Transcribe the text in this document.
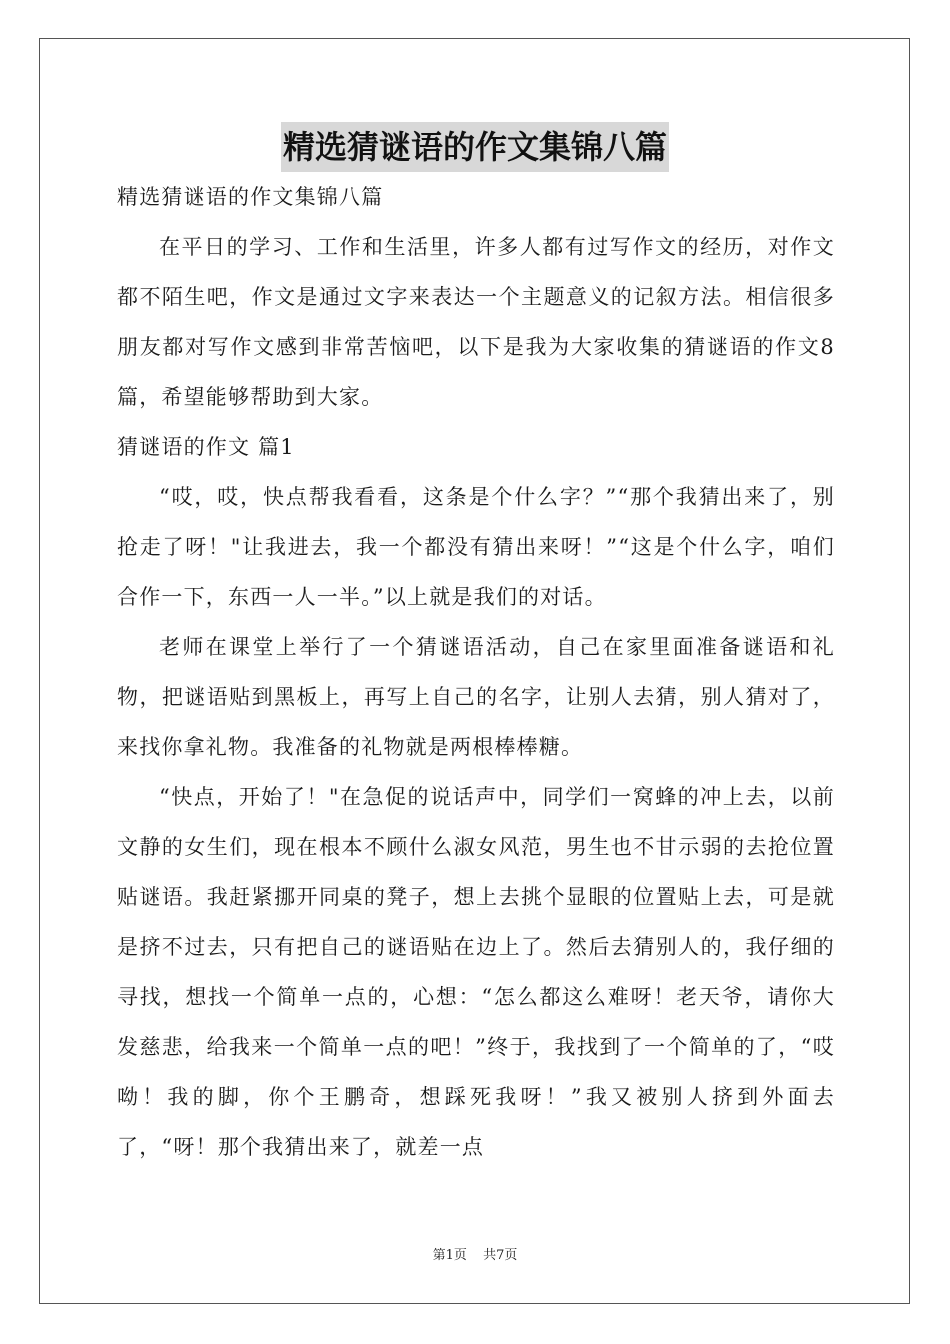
精选猜谜语的作文集锦八篇

精选猜谜语的作文集锦八篇

在平日的学习、工作和生活里，许多人都有过写作文的经历，对作文都不陌生吧，作文是通过文字来表达一个主题意义的记叙方法。相信很多朋友都对写作文感到非常苦恼吧，以下是我为大家收集的猜谜语的作文8篇，希望能够帮助到大家。

猜谜语的作文 篇1

“哎，哎，快点帮我看看，这条是个什么字？”“那个我猜出来了，别抢走了呀！"让我进去，我一个都没有猜出来呀！”“这是个什么字，咱们合作一下，东西一人一半。”以上就是我们的对话。

老师在课堂上举行了一个猜谜语活动，自己在家里面准备谜语和礼物，把谜语贴到黑板上，再写上自己的名字，让别人去猜，别人猜对了，来找你拿礼物。我准备的礼物就是两根棒棒糖。

“快点，开始了！"在急促的说话声中，同学们一窝蜂的冲上去，以前文静的女生们，现在根本不顾什么淑女风范，男生也不甘示弱的去抢位置贴谜语。我赶紧挪开同桌的凳子，想上去挑个显眼的位置贴上去，可是就是挤不过去，只有把自己的谜语贴在边上了。然后去猜别人的，我仔细的寻找，想找一个简单一点的，心想：“怎么都这么难呀！老天爷，请你大发慈悲，给我来一个简单一点的吧！”终于，我找到了一个简单的了，“哎呦！我的脚，你个王鹏奇，想踩死我呀！”我又被别人挤到外面去了，“呀！那个我猜出来了，就差一点

第1页 共7页
